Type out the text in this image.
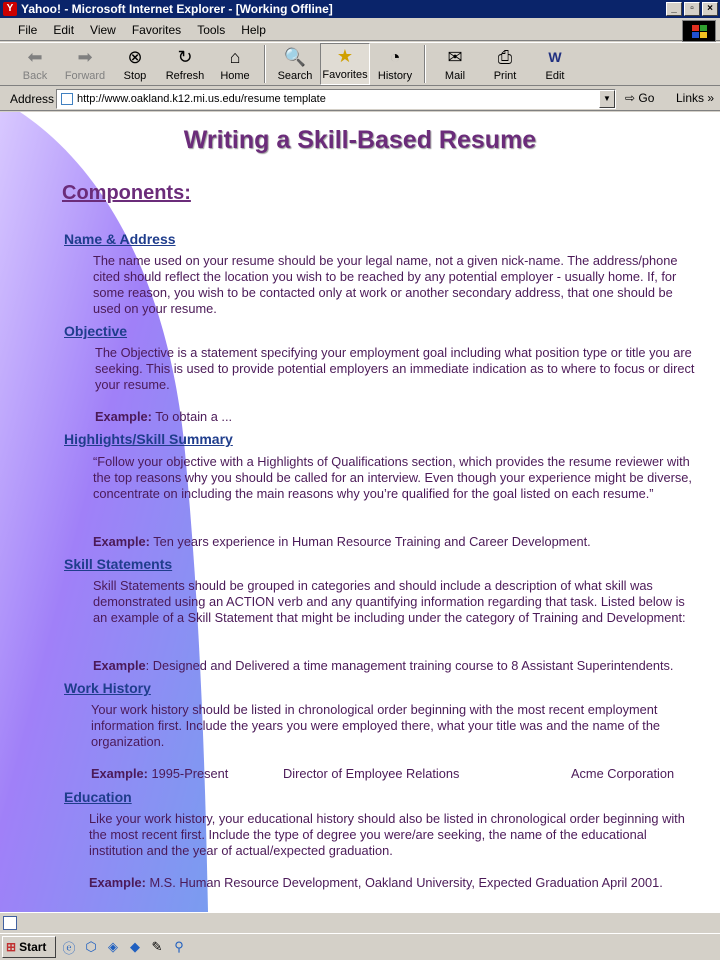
Y Yahoo! - Microsoft Internet Explorer - [Working Offline]	_	▫	×
File Edit View Favorites Tools Help
⬅
Back
➡
Forward
⊗
Stop
↻
Refresh
⌂
Home
🔍
Search
★
Favorites
◔
History
✉
Mail
⎙
Print
W
Edit
Address	http://www.oakland.k12.mi.us.edu/resume template	▼	⇨ Go Links »
Writing a Skill-Based Resume
Components:
Name & Address
The name used on your resume should be your legal name, not a given nick-name. The address/phone cited should reflect the location you wish to be reached by any potential employer - usually home. If, for some reason, you wish to be contacted only at work or another secondary address, that one should be used on your resume.
Objective
The Objective is a statement specifying your employment goal including what position type or title you are seeking. This is used to provide potential employers an immediate indication as to where to focus or direct your resume.
Example: To obtain a ...
Highlights/Skill Summary
“Follow your objective with a Highlights of Qualifications section, which provides the resume reviewer with the top reasons why you should be called for an interview. Even though your experience might be diverse, concentrate on including the main reasons why you’re qualified for the goal listed on each resume.”
Example: Ten years experience in Human Resource Training and Career Development.
Skill Statements
Skill Statements should be grouped in categories and should include a description of what skill was demonstrated using an ACTION verb and any quantifying information regarding that task. Listed below is an example of a Skill Statement that might be including under the category of Training and Development:
Example: Designed and Delivered a time management training course to 8 Assistant Superintendents.
Work History
Your work history should be listed in chronological order beginning with the most recent employment information first. Include the years you were employed there, what your title was and the name of the organization.
Example: 1995-Present	Director of Employee Relations	Acme Corporation
Education
Like your work history, your educational history should also be listed in chronological order beginning with the most recent first. Include the type of degree you were/are seeking, the name of the educational institution and the year of actual/expected graduation.
Example: M.S. Human Resource Development, Oakland University, Expected Graduation April 2001.
⊞ Start ⓔ ⬡ ◈ ◆ ✎ ⚲
